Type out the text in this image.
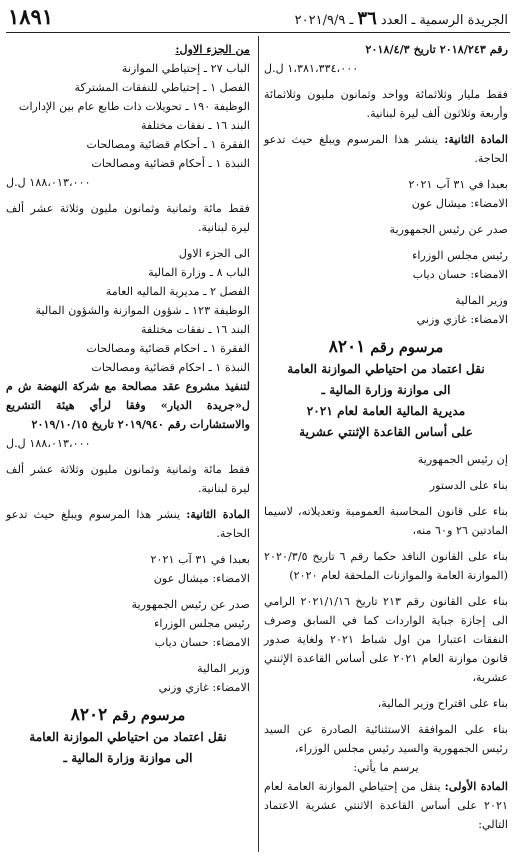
١٨٩١	الجريدة الرسمية ـ العدد ٣٦ ـ ٢٠٢١/٩/٩

رقم ٢٠١٨/٢٤٣ تاريخ ٢٠١٨/٤/٣

١،٣٨١،٣٣٤،٠٠٠ ل.ل

فقط مليار وثلاثمائة وواحد وثمانون مليون وثلاثمائة وأربعة وثلاثون ألف ليرة لبنانية.

المادة الثانية: ينشر هذا المرسوم ويبلغ حيث تدعو الحاجة.

بعبدا في ٣١ آب ٢٠٢١

الامضاء: ميشال عون

صدر عن رئيس الجمهورية

رئيس مجلس الوزراء

الامضاء: حسان دياب

وزير المالية

الامضاء: غازي وزني

مرسوم رقم ٨٢٠١

نقل اعتماد من احتياطي الموازنة العامة

الى موازنة وزارة المالية ـ

مديرية المالية العامة لعام ٢٠٢١

على أساس القاعدة الإثنتي عشرية

إن رئيس الجمهورية

بناء على الدستور

بناء على قانون المحاسبة العمومية وتعديلاته، لاسيما المادتين ٢٦ و٦٠ منه،

بناء على القانون النافذ حكما رقم ٦ تاريخ ٢٠٢٠/٣/٥ (الموازنة العامة والموازنات الملحقة لعام ٢٠٢٠)

بناء على القانون رقم ٢١٣ تاريخ ٢٠٢١/١/١٦ الرامي الى إجازة جباية الواردات كما في السابق وصرف النفقات اعتبارا من اول شباط ٢٠٢١ ولغاية صدور قانون موازنة العام ٢٠٢١ على أساس القاعدة الإثنتي عشرية،

بناء على اقتراح وزير المالية،

بناء على الموافقة الاستثنائية الصادرة عن السيد رئيس الجمهورية والسيد رئيس مجلس الوزراء،

يرسم ما يأتي:

المادة الأولى: ينقل من إحتياطي الموازنة العامة لعام ٢٠٢١ على أساس القاعدة الاثنتي عشرية الاعتماد التالي:

من الجزء الاول:

الباب ٢٧ ـ إحتياطي الموازنة

الفصل ١ ـ إحتياطي للنفقات المشتركة

الوظيفة ١٩٠ ـ تحويلات ذات طابع عام بين الإدارات

البند ١٦ ـ نفقات مختلفة

الفقرة ١ ـ أحكام قضائية ومصالحات

النبذة ١ ـ أحكام قضائية ومصالحات

١٨٨،٠١٣،٠٠٠ ل.ل

فقط مائة وثمانية وثمانون مليون وثلاثة عشر ألف ليرة لبنانية.

الى الجزء الاول

الباب ٨ ـ وزارة المالية

الفصل ٢ ـ مديرية الماليه العامة

الوظيفة ١٢٣ ـ شؤون الموازنة والشؤون المالية

البند ١٦ ـ نفقات مختلفة

الفقرة ١ ـ احكام قضائية ومصالحات

النبذة ١ ـ احكام قضائية ومصالحات

لتنفيذ مشروع عقد مصالحة مع شركة النهضة ش م ل«جريدة الديار» وفقا لرأي هيئة التشريع والاستشارات رقم ٢٠١٩/٩٤٠ تاريخ ٢٠١٩/١٠/١٥

١٨٨،٠١٣،٠٠٠ ل.ل

فقط مائة وثمانية وثمانون مليون وثلاثة عشر ألف ليرة لبنانية.

المادة الثانية: ينشر هذا المرسوم ويبلغ حيث تدعو الحاجة.

بعبدا في ٣١ آب ٢٠٢١

الامضاء: ميشال عون

صدر عن رئيس الجمهورية

رئيس مجلس الوزراء

الامضاء: حسان دياب

وزير المالية

الامضاء: غازي وزني

مرسوم رقم ٨٢٠٢

نقل اعتماد من احتياطي الموازنة العامة

الى موازنة وزارة المالية ـ
